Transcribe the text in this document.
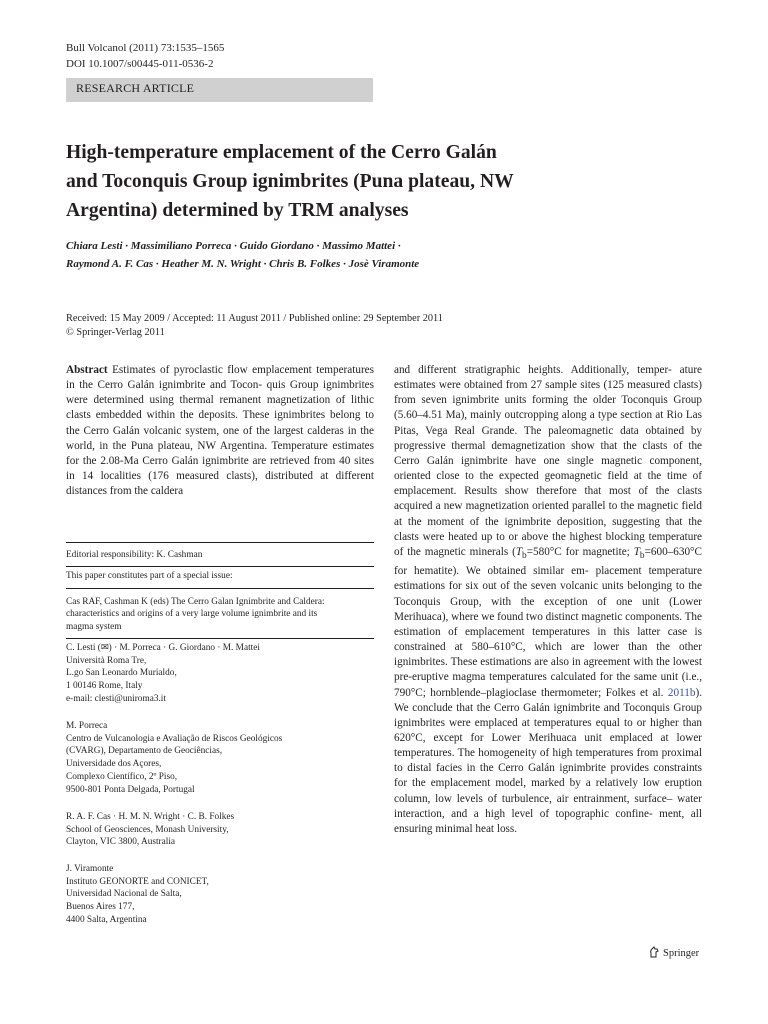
Bull Volcanol (2011) 73:1535–1565
DOI 10.1007/s00445-011-0536-2
RESEARCH ARTICLE
High-temperature emplacement of the Cerro Galán
and Toconquis Group ignimbrites (Puna plateau, NW
Argentina) determined by TRM analyses
Chiara Lesti · Massimiliano Porreca · Guido Giordano · Massimo Mattei ·
Raymond A. F. Cas · Heather M. N. Wright · Chris B. Folkes · Josè Viramonte
Received: 15 May 2009 / Accepted: 11 August 2011 / Published online: 29 September 2011
© Springer-Verlag 2011
Abstract Estimates of pyroclastic flow emplacement temperatures in the Cerro Galán ignimbrite and Tocon- quis Group ignimbrites were determined using thermal remanent magnetization of lithic clasts embedded within the deposits. These ignimbrites belong to the Cerro Galán volcanic system, one of the largest calderas in the world, in the Puna plateau, NW Argentina. Temperature estimates for the 2.08-Ma Cerro Galán ignimbrite are retrieved from 40 sites in 14 localities (176 measured clasts), distributed at different distances from the caldera
Editorial responsibility: K. Cashman
This paper constitutes part of a special issue:
Cas RAF, Cashman K (eds) The Cerro Galan Ignimbrite and Caldera:
characteristics and origins of a very large volume ignimbrite and its
magma system
C. Lesti (✉) · M. Porreca · G. Giordano · M. Mattei
Università Roma Tre,
L.go San Leonardo Murialdo,
1 00146 Rome, Italy
e-mail: clesti@uniroma3.it
M. Porreca
Centro de Vulcanologia e Avaliação de Riscos Geológicos
(CVARG), Departamento de Geociências,
Universidade dos Açores,
Complexo Científico, 2º Piso,
9500-801 Ponta Delgada, Portugal
R. A. F. Cas · H. M. N. Wright · C. B. Folkes
School of Geosciences, Monash University,
Clayton, VIC 3800, Australia
J. Viramonte
Instituto GEONORTE and CONICET,
Universidad Nacional de Salta,
Buenos Aires 177,
4400 Salta, Argentina
and different stratigraphic heights. Additionally, temper- ature estimates were obtained from 27 sample sites (125 measured clasts) from seven ignimbrite units forming the older Toconquis Group (5.60–4.51 Ma), mainly outcropping along a type section at Rio Las Pitas, Vega Real Grande. The paleomagnetic data obtained by progressive thermal demagnetization show that the clasts of the Cerro Galán ignimbrite have one single magnetic component, oriented close to the expected geomagnetic field at the time of emplacement. Results show therefore that most of the clasts acquired a new magnetization oriented parallel to the magnetic field at the moment of the ignimbrite deposition, suggesting that the clasts were heated up to or above the highest blocking temperature of the magnetic minerals ($T_b=580^\circ C$ for magnetite; $T_b=600-630^\circ C$ for hematite). We obtained similar em- placement temperature estimations for six out of the seven volcanic units belonging to the Toconquis Group, with the exception of one unit (Lower Merihuaca), where we found two distinct magnetic components. The estimation of emplacement temperatures in this latter case is constrained at 580–610°C, which are lower than the other ignimbrites. These estimations are also in agreement with the lowest pre-eruptive magma temperatures calculated for the same unit (i.e., 790°C; hornblende–plagioclase thermometer; Folkes et al. 2011b). We conclude that the Cerro Galán ignimbrite and Toconquis Group ignimbrites were emplaced at temperatures equal to or higher than 620°C, except for Lower Merihuaca unit emplaced at lower temperatures. The homogeneity of high temperatures from proximal to distal facies in the Cerro Galán ignimbrite provides constraints for the emplacement model, marked by a relatively low eruption column, low levels of turbulence, air entrainment, surface– water interaction, and a high level of topographic confine- ment, all ensuring minimal heat loss.
Springer
